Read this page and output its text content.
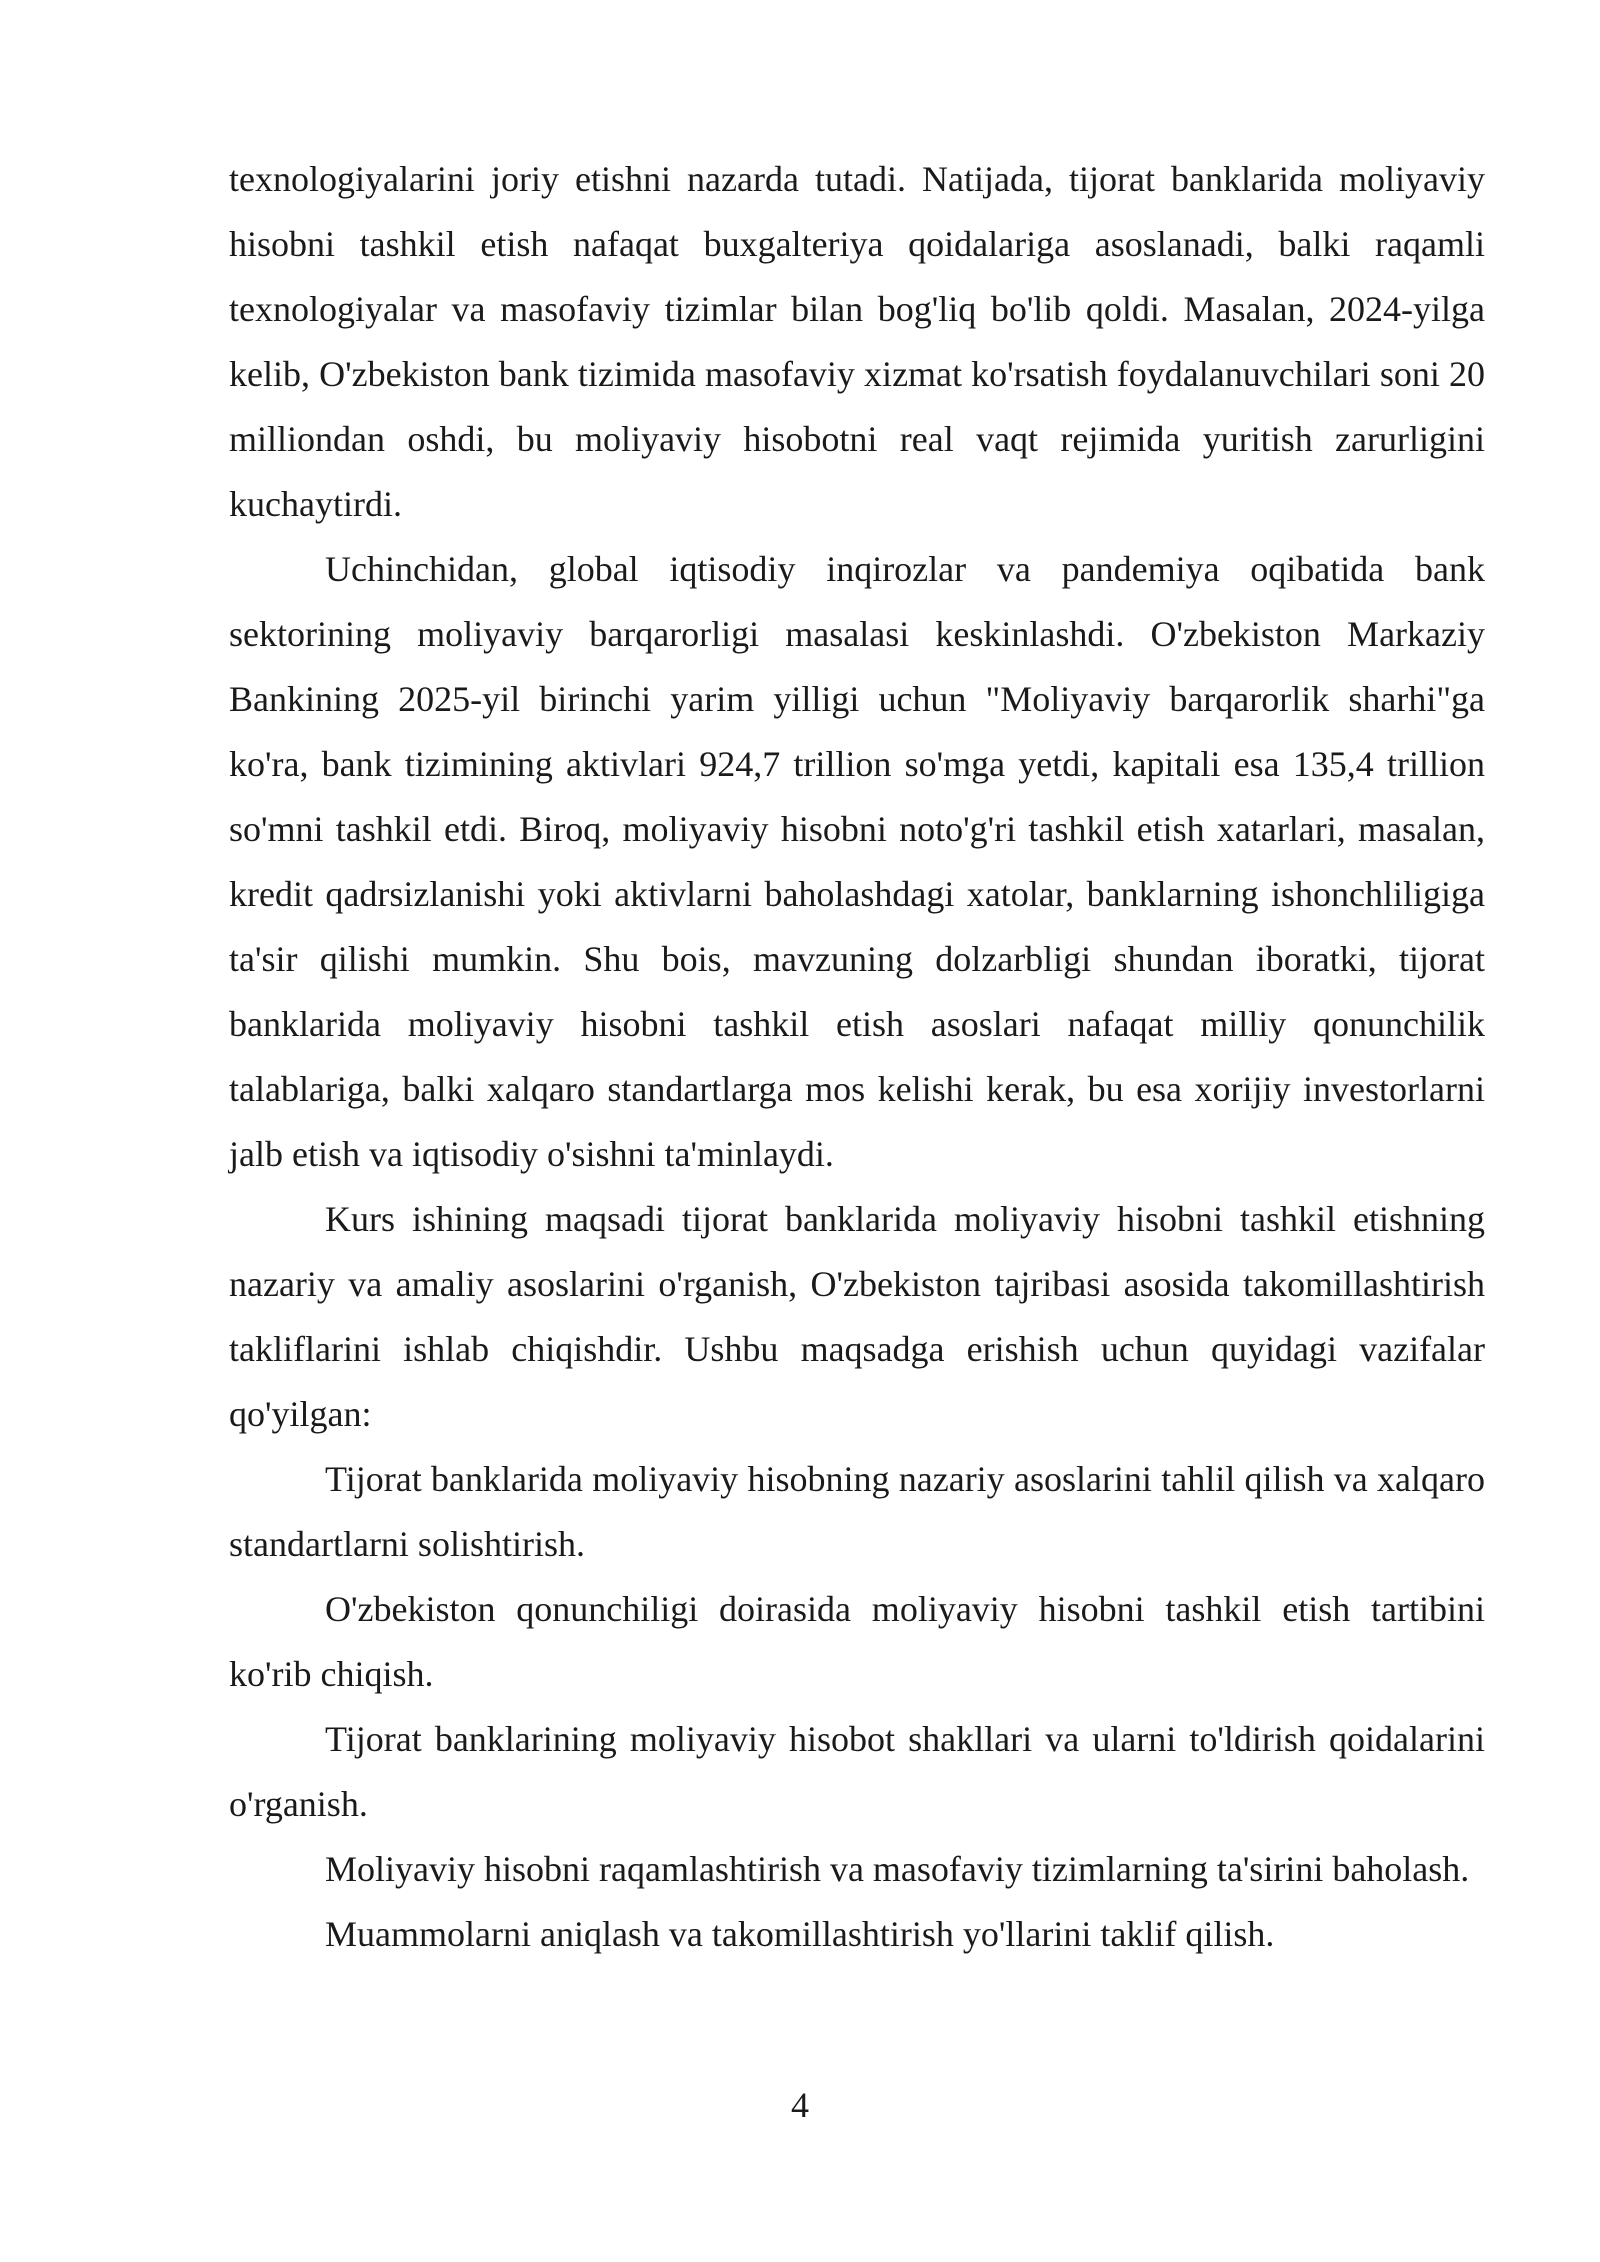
texnologiyalarini joriy etishni nazarda tutadi. Natijada, tijorat banklarida moliyaviy hisobni tashkil etish nafaqat buxgalteriya qoidalariga asoslanadi, balki raqamli texnologiyalar va masofaviy tizimlar bilan bog'liq bo'lib qoldi. Masalan, 2024-yilga kelib, O'zbekiston bank tizimida masofaviy xizmat ko'rsatish foydalanuvchilari soni 20 milliondan oshdi, bu moliyaviy hisobotni real vaqt rejimida yuritish zarurligini kuchaytirdi.

Uchinchidan, global iqtisodiy inqirozlar va pandemiya oqibatida bank sektorining moliyaviy barqarorligi masalasi keskinlashdi. O'zbekiston Markaziy Bankining 2025-yil birinchi yarim yilligi uchun "Moliyaviy barqarorlik sharhi"ga ko'ra, bank tizimining aktivlari 924,7 trillion so'mga yetdi, kapitali esa 135,4 trillion so'mni tashkil etdi. Biroq, moliyaviy hisobni noto'g'ri tashkil etish xatarlari, masalan, kredit qadrsizlanishi yoki aktivlarni baholashdagi xatolar, banklarning ishonchliligiga ta'sir qilishi mumkin. Shu bois, mavzuning dolzarbligi shundan iboratki, tijorat banklarida moliyaviy hisobni tashkil etish asoslari nafaqat milliy qonunchilik talablariga, balki xalqaro standartlarga mos kelishi kerak, bu esa xorijiy investorlarni jalb etish va iqtisodiy o'sishni ta'minlaydi.

Kurs ishining maqsadi tijorat banklarida moliyaviy hisobni tashkil etishning nazariy va amaliy asoslarini o'rganish, O'zbekiston tajribasi asosida takomillashtirish takliflarini ishlab chiqishdir. Ushbu maqsadga erishish uchun quyidagi vazifalar qo'yilgan:

Tijorat banklarida moliyaviy hisobning nazariy asoslarini tahlil qilish va xalqaro standartlarni solishtirish.

O'zbekiston qonunchiligi doirasida moliyaviy hisobni tashkil etish tartibini ko'rib chiqish.

Tijorat banklarining moliyaviy hisobot shakllari va ularni to'ldirish qoidalarini o'rganish.

Moliyaviy hisobni raqamlashtirish va masofaviy tizimlarning ta'sirini baholash.

Muammolarni aniqlash va takomillashtirish yo'llarini taklif qilish.

4
